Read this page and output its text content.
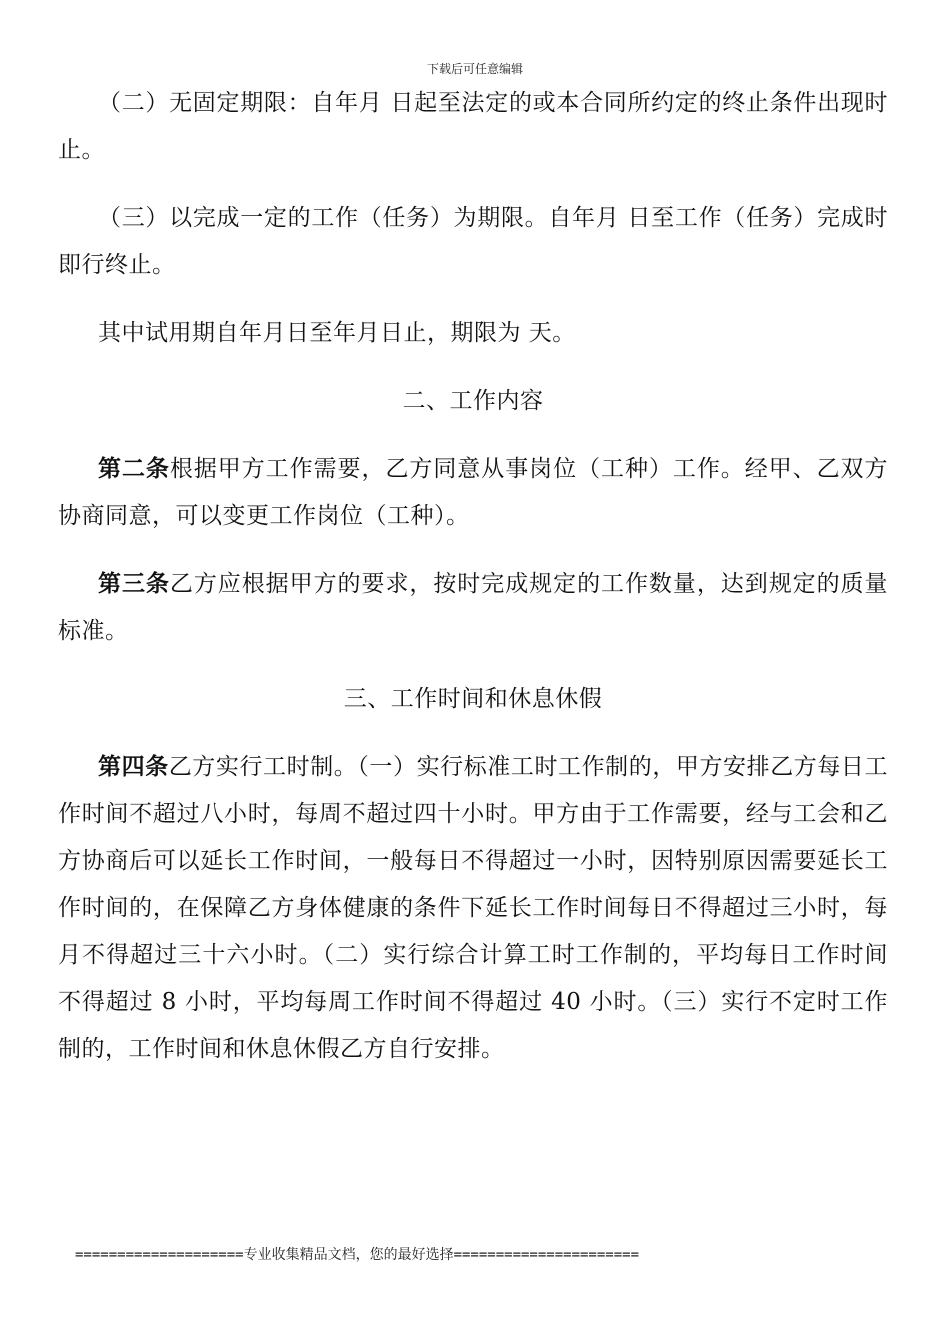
下载后可任意编辑

（二）无固定期限：自年月 日起至法定的或本合同所约定的终止条件出现时止。

（三）以完成一定的工作（任务）为期限。自年月 日至工作（任务）完成时即行终止。

其中试用期自年月日至年月日止，期限为 天。

二、工作内容

第二条根据甲方工作需要，乙方同意从事岗位（工种）工作。经甲、乙双方协商同意，可以变更工作岗位（工种）。

第三条乙方应根据甲方的要求，按时完成规定的工作数量，达到规定的质量标准。

三、工作时间和休息休假

第四条乙方实行工时制。（一）实行标准工时工作制的，甲方安排乙方每日工作时间不超过八小时，每周不超过四十小时。甲方由于工作需要，经与工会和乙方协商后可以延长工作时间，一般每日不得超过一小时，因特别原因需要延长工作时间的，在保障乙方身体健康的条件下延长工作时间每日不得超过三小时，每月不得超过三十六小时。（二）实行综合计算工时工作制的，平均每日工作时间不得超过 8 小时，平均每周工作时间不得超过 40 小时。（三）实行不定时工作制的，工作时间和休息休假乙方自行安排。

====================专业收集精品文档，您的最好选择======================
